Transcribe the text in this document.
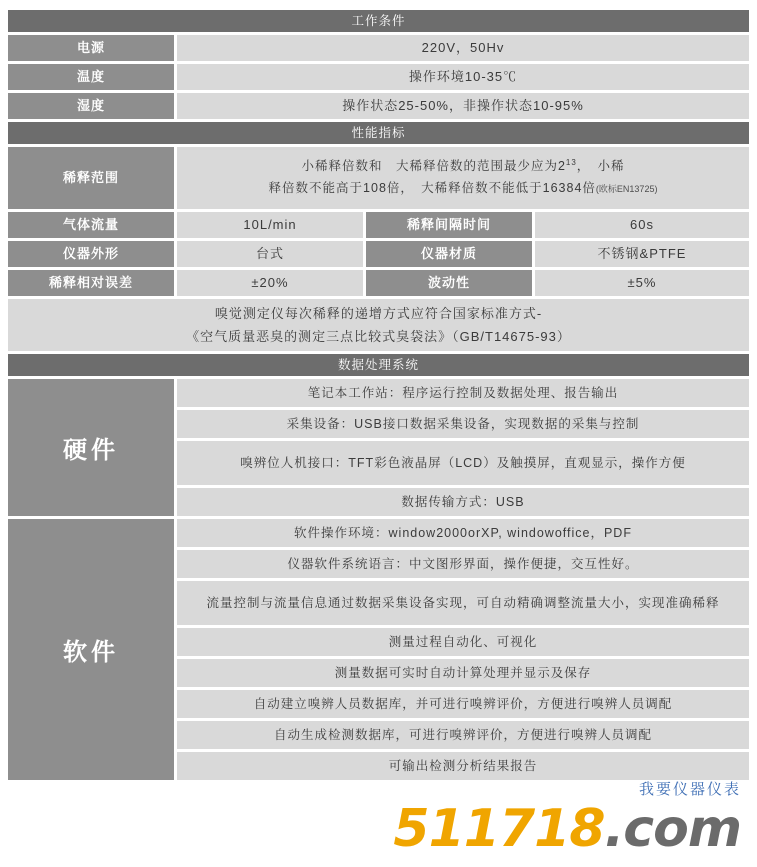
工作条件
电源	220V，50Hv
温度	操作环境10-35℃
湿度	操作状态25-50%，非操作状态10-95%
性能指标
稀释范围
小稀释倍数和　大稀释倍数的范围最少应为$2^{13}$，　小稀
释倍数不能高于108倍，　大稀释倍数不能低于16384倍(欧标EN13725)
气体流量	10L/min	稀释间隔时间	60s
仪器外形	台式	仪器材质	不锈钢&PTFE
稀释相对误差	±20%	波动性	±5%
嗅觉测定仪每次稀释的递增方式应符合国家标准方式-
《空气质量恶臭的测定三点比较式臭袋法》（GB/T14675-93）
数据处理系统
硬件
笔记本工作站：程序运行控制及数据处理、报告输出
采集设备：USB接口数据采集设备，实现数据的采集与控制
嗅辨位人机接口：TFT彩色液晶屏（LCD）及触摸屏，直观显示，操作方便
数据传输方式：USB
软件
软件操作环境：window2000orXP, windowoffice，PDF
仪器软件系统语言：中文图形界面，操作便捷，交互性好。
流量控制与流量信息通过数据采集设备实现，可自动精确调整流量大小，实现准确稀释
测量过程自动化、可视化
测量数据可实时自动计算处理并显示及保存
自动建立嗅辨人员数据库，并可进行嗅辨评价，方便进行嗅辨人员调配
自动生成检测数据库，可进行嗅辨评价，方便进行嗅辨人员调配
可输出检测分析结果报告
我要仪器仪表
511718.com
